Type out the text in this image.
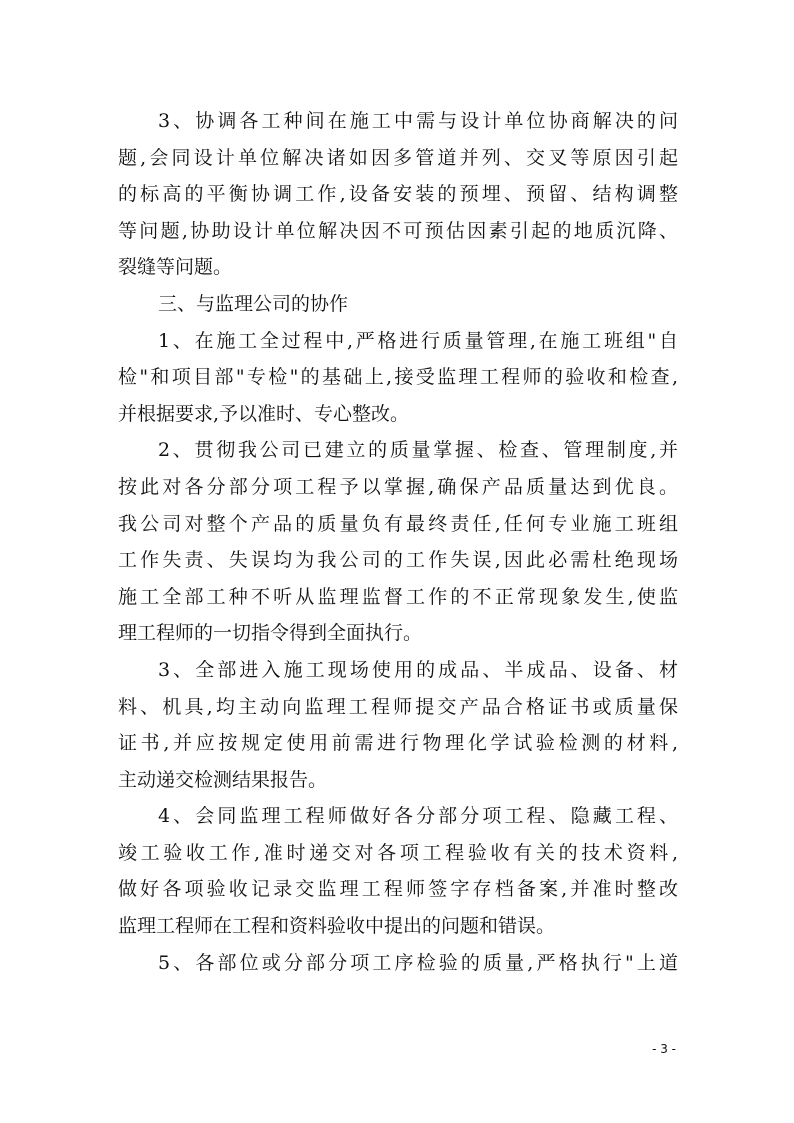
3、协调各工种间在施工中需与设计单位协商解决的问
题,会同设计单位解决诸如因多管道并列、交叉等原因引起
的标高的平衡协调工作,设备安装的预埋、预留、结构调整
等问题,协助设计单位解决因不可预估因素引起的地质沉降、
裂缝等问题。
三、与监理公司的协作
1、在施工全过程中,严格进行质量管理,在施工班组"自
检"和项目部"专检"的基础上,接受监理工程师的验收和检查,
并根据要求,予以准时、专心整改。
2、贯彻我公司已建立的质量掌握、检查、管理制度,并
按此对各分部分项工程予以掌握,确保产品质量达到优良。
我公司对整个产品的质量负有最终责任,任何专业施工班组
工作失责、失误均为我公司的工作失误,因此必需杜绝现场
施工全部工种不听从监理监督工作的不正常现象发生,使监
理工程师的一切指令得到全面执行。
3、全部进入施工现场使用的成品、半成品、设备、材
料、机具,均主动向监理工程师提交产品合格证书或质量保
证书,并应按规定使用前需进行物理化学试验检测的材料,
主动递交检测结果报告。
4、会同监理工程师做好各分部分项工程、隐藏工程、
竣工验收工作,准时递交对各项工程验收有关的技术资料,
做好各项验收记录交监理工程师签字存档备案,并准时整改
监理工程师在工程和资料验收中提出的问题和错误。
5、各部位或分部分项工序检验的质量,严格执行"上道
- 3 -
